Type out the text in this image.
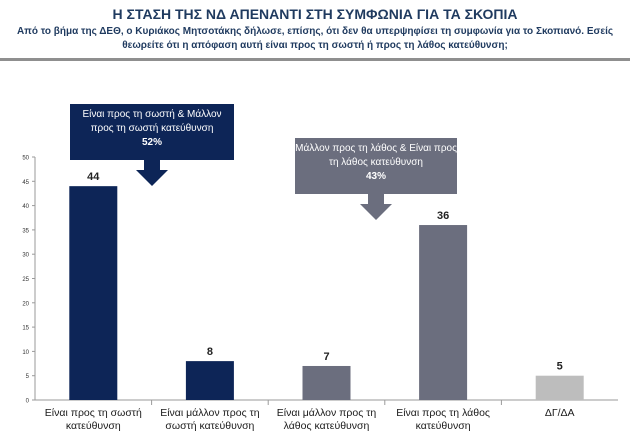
Η ΣΤΑΣΗ ΤΗΣ ΝΔ ΑΠΕΝΑΝΤΙ ΣΤΗ ΣΥΜΦΩΝΙΑ ΓΙΑ ΤΑ ΣΚΟΠΙΑ
Από το βήμα της ΔΕΘ, ο Κυριάκος Μητσοτάκης δήλωσε, επίσης, ότι δεν θα υπερψηφίσει τη συμφωνία για το Σκοπιανό. Εσείς θεωρείτε ότι η απόφαση αυτή είναι προς τη σωστή ή προς τη λάθος κατεύθυνση;
0
5
10
15
20
25
30
35
40
45
50
44
Είναι προς τη σωστή κατεύθυνση
8
Είναι μάλλον προς τη σωστή κατεύθυνση
7
Είναι μάλλον προς τη λάθος κατεύθυνση
36
Είναι προς τη λάθος κατεύθυνση
5
ΔΓ/ΔΑ
Είναι προς τη σωστή & Μάλλον προς τη σωστή κατεύθυνση
52%
Μάλλον προς τη λάθος & Είναι προς τη λάθος κατεύθυνση
43%
